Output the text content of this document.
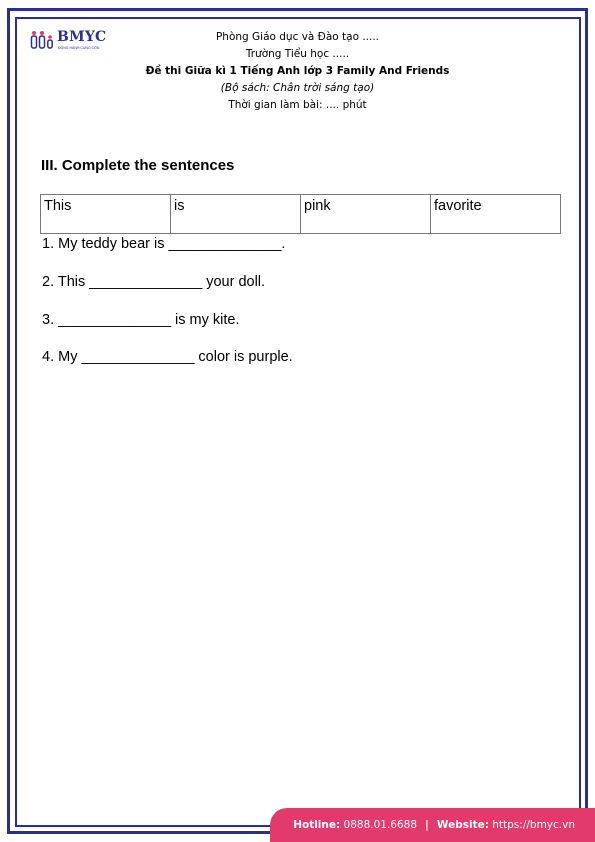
BMYC
ĐỒNG HÀNH CÙNG CON
Phòng Giáo dục và Đào tạo .....
Trường Tiểu học .....
Đề thi Giữa kì 1 Tiếng Anh lớp 3 Family And Friends
(Bộ sách: Chân trời sáng tạo)
Thời gian làm bài: .... phút
III. Complete the sentences
This	is	pink	favorite
1. My teddy bear is ______________.
2. This ______________ your doll.
3. ______________ is my kite.
4. My ______________ color is purple.
Hotline:
0888.01.6688 | Website:
https://bmyc.vn
